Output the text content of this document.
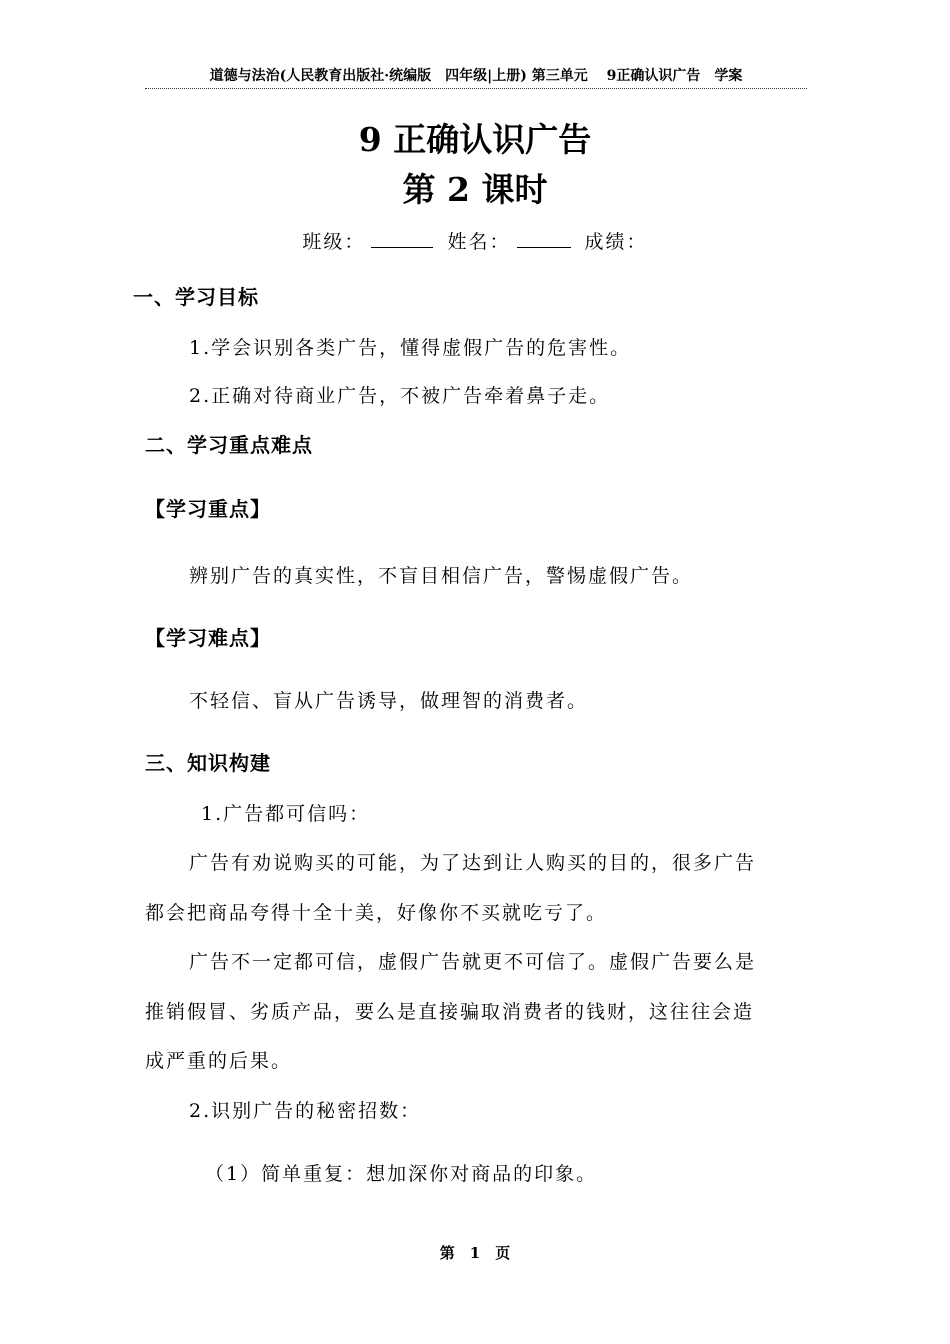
道德与法治(人民教育出版社·统编版　四年级|上册) 第三单元　 9正确认识广告　学案
9 正确认识广告
第 2 课时
班级：	姓名：	成绩：
一、学习目标
1.学会识别各类广告，懂得虚假广告的危害性。
2.正确对待商业广告，不被广告牵着鼻子走。
二、学习重点难点
【学习重点】
辨别广告的真实性，不盲目相信广告，警惕虚假广告。
【学习难点】
不轻信、盲从广告诱导，做理智的消费者。
三、知识构建
1.广告都可信吗：
广告有劝说购买的可能，为了达到让人购买的目的，很多广告
都会把商品夸得十全十美，好像你不买就吃亏了。
广告不一定都可信，虚假广告就更不可信了。虚假广告要么是
推销假冒、劣质产品，要么是直接骗取消费者的钱财，这往往会造
成严重的后果。
2.识别广告的秘密招数：
（1）简单重复：想加深你对商品的印象。
第　1　页
